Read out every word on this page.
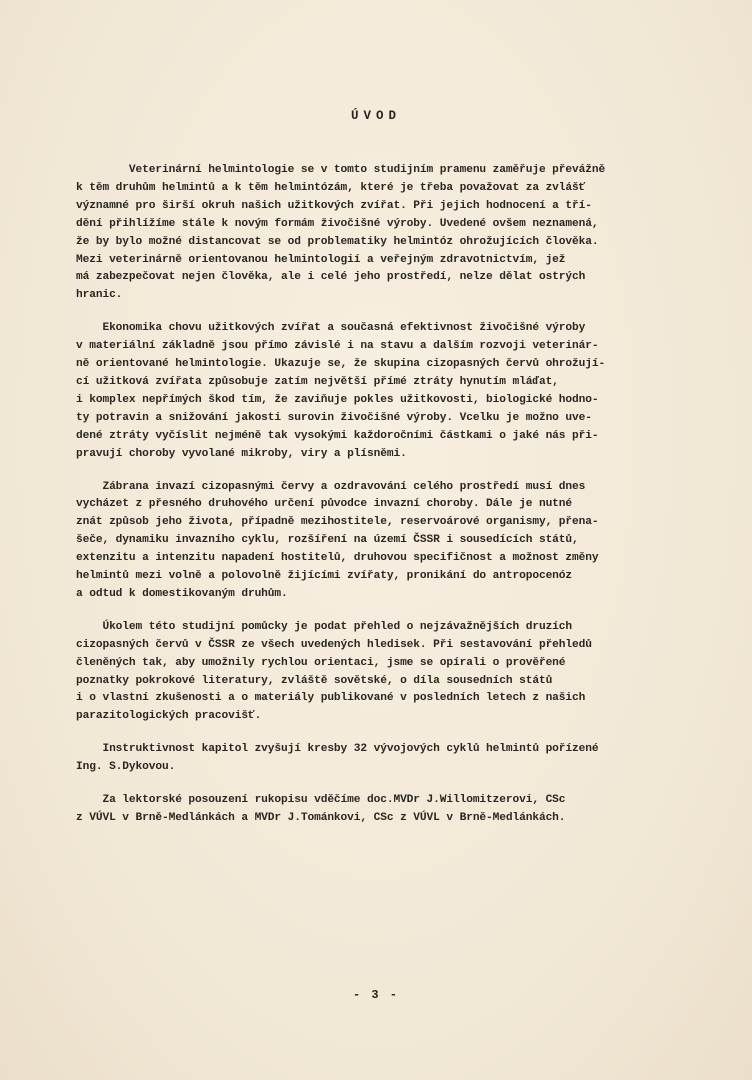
ÚVOD
Veterinární helmintologie se v tomto studijním pramenu zaměřuje převážně
k těm druhům helmintů a k těm helmintózám, které je třeba považovat za zvlášť
významné pro širší okruh našich užitkových zvířat. Při jejich hodnocení a tří-
dění přihlížíme stále k novým formám živočišné výroby. Uvedené ovšem neznamená,
že by bylo možné distancovat se od problematiky helmintóz ohrožujících člověka.
Mezi veterinárně orientovanou helmintologií a veřejným zdravotnictvím, jež
má zabezpečovat nejen člověka, ale i celé jeho prostředí, nelze dělat ostrých
hranic.
Ekonomika chovu užitkových zvířat a současná efektivnost živočišné výroby
v materiální základně jsou přímo závislé i na stavu a dalším rozvoji veterinár-
ně orientované helmintologie. Ukazuje se, že skupina cizopasných červů ohrožují-
cí užitková zvířata způsobuje zatím největší přímé ztráty hynutím mláďat,
i komplex nepřímých škod tím, že zaviňuje pokles užitkovosti, biologické hodno-
ty potravin a snižování jakosti surovin živočišné výroby. Vcelku je možno uve-
dené ztráty vyčíslit nejméně tak vysokými každoročními částkami o jaké nás při-
pravují choroby vyvolané mikroby, viry a plísněmi.
Zábrana invazí cizopasnými červy a ozdravování celého prostředí musí dnes
vycházet z přesného druhového určení původce invazní choroby. Dále je nutné
znát způsob jeho života, případně mezihostitele, reservoárové organismy, přena-
šeče, dynamiku invazního cyklu, rozšíření na území ČSSR i sousedících států,
extenzitu a intenzitu napadení hostitelů, druhovou specifičnost a možnost změny
helmintů mezi volně a polovolně žijícími zvířaty, pronikání do antropocenóz
a odtud k domestikovaným druhům.
Úkolem této studijní pomůcky je podat přehled o nejzávažnějších druzích
cizopasných červů v ČSSR ze všech uvedených hledisek. Při sestavování přehledů
členěných tak, aby umožnily rychlou orientaci, jsme se opírali o prověřené
poznatky pokrokové literatury, zvláště sovětské, o díla sousedních států
i o vlastní zkušenosti a o materiály publikované v posledních letech z našich
parazitologických pracovišť.
Instruktivnost kapitol zvyšují kresby 32 vývojových cyklů helmintů pořízené
Ing. S.Dykovou.
Za lektorské posouzení rukopisu vděčíme doc.MVDr J.Willomitzerovi, CSc
z VÚVL v Brně-Medlánkách a MVDr J.Tománkovi, CSc z VÚVL v Brně-Medlánkách.
- 3 -
